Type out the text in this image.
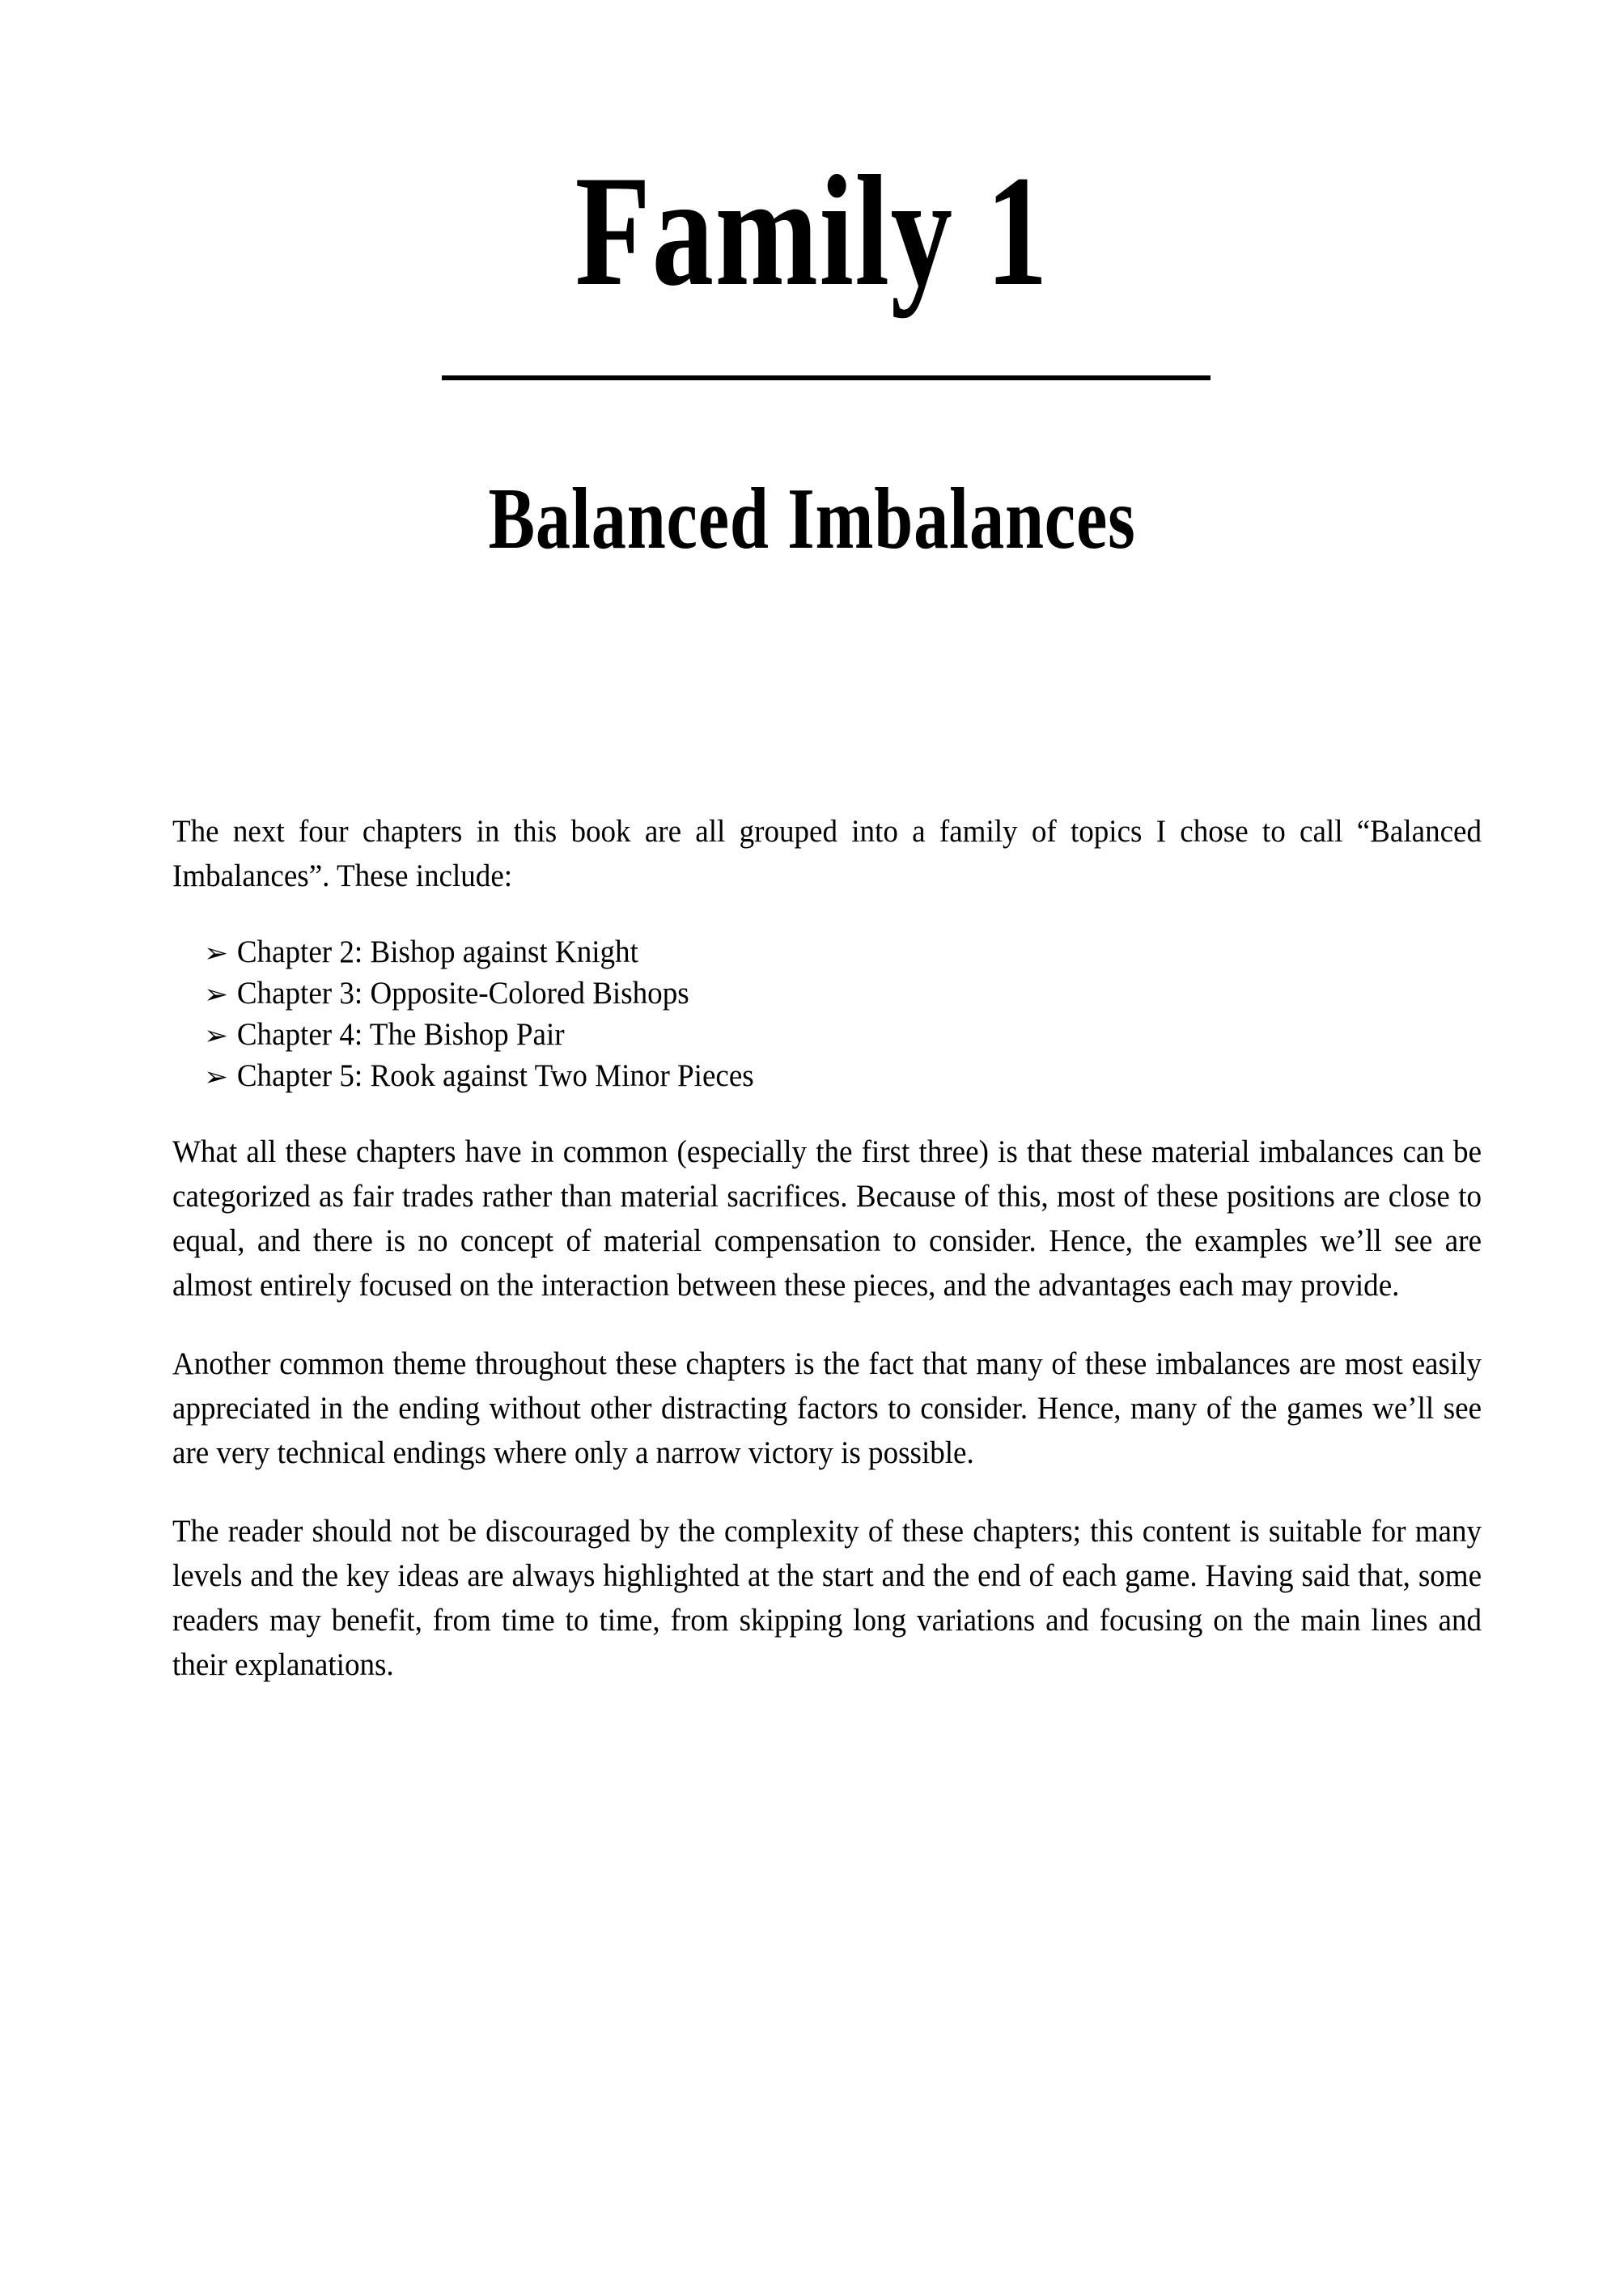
Family 1
Balanced Imbalances

The next four chapters in this book are all grouped into a family of topics I chose to call “Balanced Imbalances”. These include:

➢ Chapter 2: Bishop against Knight
➢ Chapter 3: Opposite-Colored Bishops
➢ Chapter 4: The Bishop Pair
➢ Chapter 5: Rook against Two Minor Pieces

What all these chapters have in common (especially the first three) is that these material imbalances can be categorized as fair trades rather than material sacrifices. Because of this, most of these positions are close to equal, and there is no concept of material compensation to consider. Hence, the examples we’ll see are almost entirely focused on the interaction between these pieces, and the advantages each may provide.

Another common theme throughout these chapters is the fact that many of these imbalances are most easily appreciated in the ending without other distracting factors to consider. Hence, many of the games we’ll see are very technical endings where only a narrow victory is possible.

The reader should not be discouraged by the complexity of these chapters; this content is suitable for many levels and the key ideas are always highlighted at the start and the end of each game. Having said that, some readers may benefit, from time to time, from skipping long variations and focusing on the main lines and their explanations.
